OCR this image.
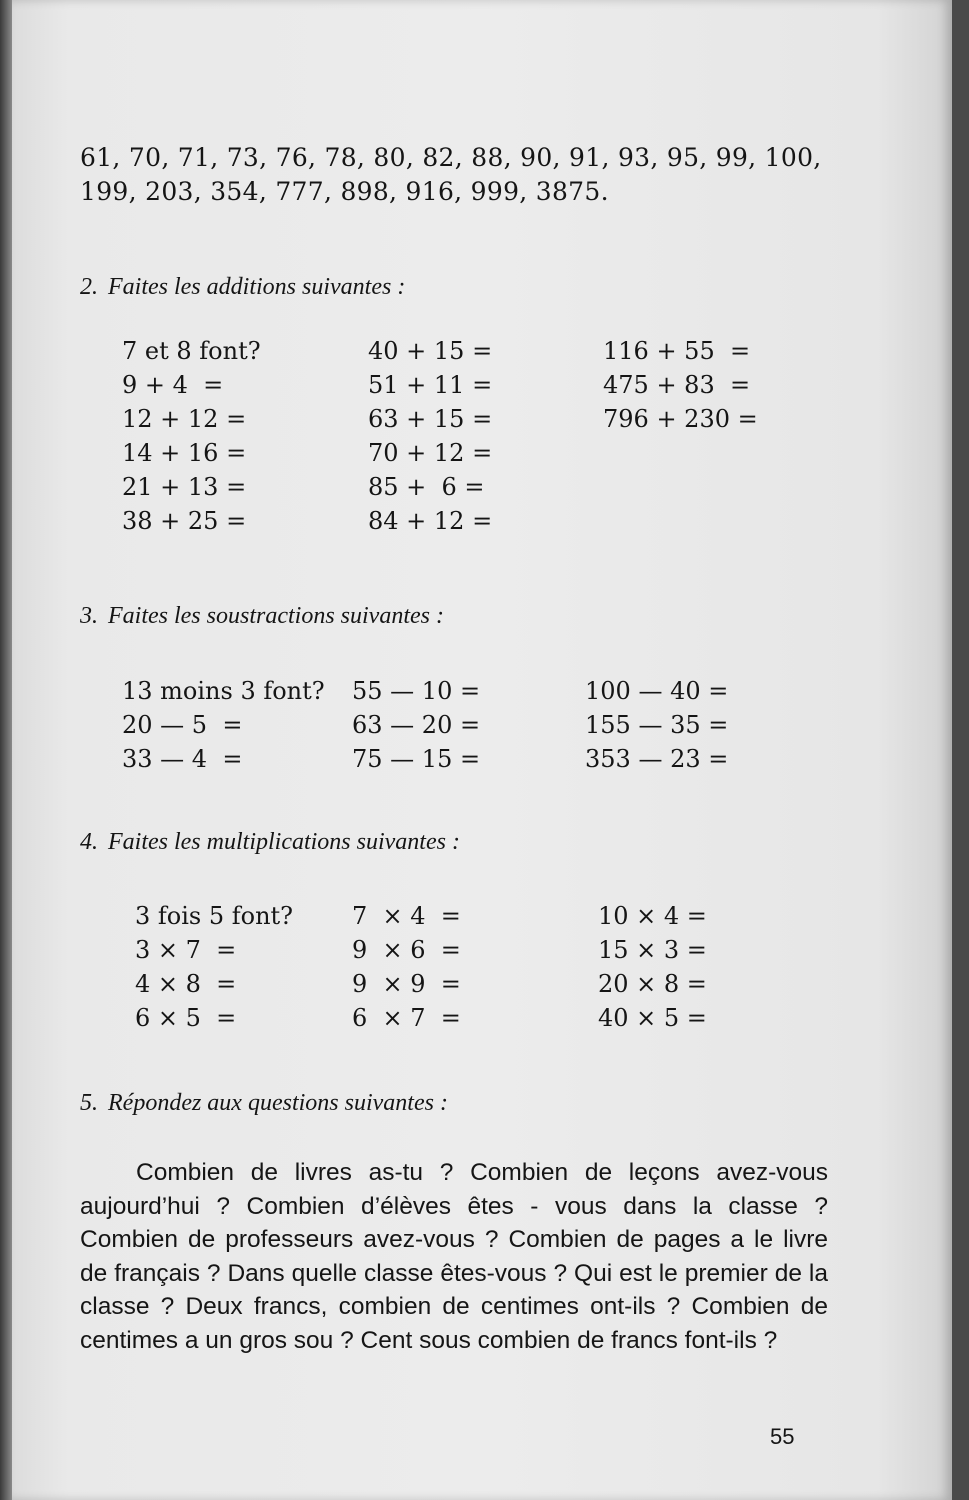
61, 70, 71, 73, 76, 78, 80, 82, 88, 90, 91, 93, 95, 99, 100,
199, 203, 354, 777, 898, 916, 999, 3875.
2. Faites les additions suivantes :
7 et 8 font?
9 + 4  =
12 + 12 =
14 + 16 =
21 + 13 =
38 + 25 =
40 + 15 =
51 + 11 =
63 + 15 =
70 + 12 =
85 +  6 =
84 + 12 =
116 + 55  =
475 + 83  =
796 + 230 =
3. Faites les soustractions suivantes :
13 moins 3 font?
20 — 5  =
33 — 4  =
55 — 10 =
63 — 20 =
75 — 15 =
100 — 40 =
155 — 35 =
353 — 23 =
4. Faites les multiplications suivantes :
3 fois 5 font?
3 × 7  =
4 × 8  =
6 × 5  =
7  × 4  =
9  × 6  =
9  × 9  =
6  × 7  =
10 × 4 =
15 × 3 =
20 × 8 =
40 × 5 =
5. Répondez aux questions suivantes :
Combien de livres as-tu ? Combien de leçons avez-vous aujourd’hui ? Combien d’élèves êtes - vous dans la classe ? Combien de professeurs avez-vous ? Combien de pages a le livre de français ? Dans quelle classe êtes-vous ? Qui est le premier de la classe ? Deux francs, combien de centimes ont-ils ? Combien de centimes a un gros sou ? Cent sous combien de francs font-ils ?
55
